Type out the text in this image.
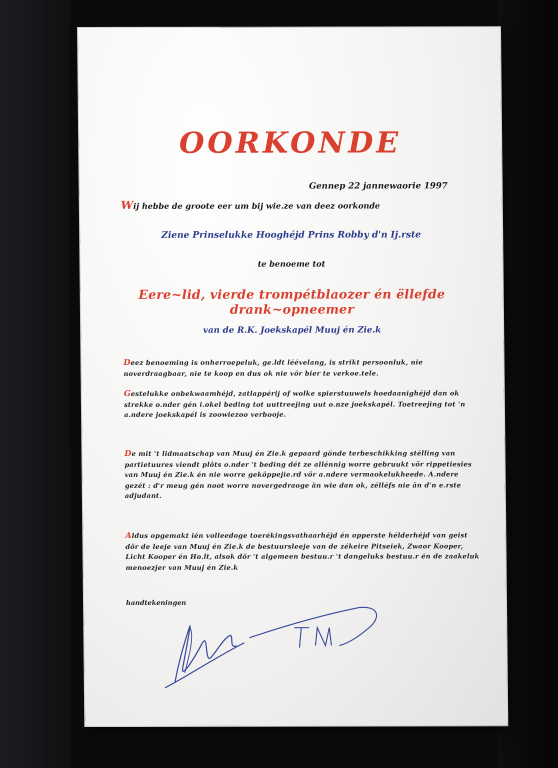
OORKONDE
Gennep 22 jannewaorie 1997
Wij hebbe de groote eer um bij wie.ze van deez oorkonde
Ziene Prinselukke Hooghéjd Prins Robby d'n Ij.rste
te benoeme tot
Eere~lid, vierde trompétblaozer én ëllefde drank~opneemer
van de R.K. Joekskapél Muuj én Zie.k
Deez benoeming is onherroepeluk, ge.ldt léévelang, is strikt persoonluk, nie noverdraagbaar, nie te koop en dus ok nie vör bier te verkoe.tele.
Gestelukke onbekwaamhéjd, zatlappérij of wolke spierstuuwels hoedaanighéjd dan ok strekke o.nder gén i.okel beding tot uuttreejing uut o.nze joekskapél. Toetreejing tot 'n a.ndere joekskapél is zoowiezoo verbooje.
De mit 't lidmaatschap van Muuj én Zie.k gepaard gönde terbeschikking stélling van partietuures viendt plôts o.nder 't beding dét ze allénnig worre gebruukt vör rippetiesies van Muuj én Zie.k én nie worre geköppejie.rd vör a.ndere vermaokelukheede. A.ndere gezét : d'r meug gén noot worre novergedraoge än wie dan ok, zélléfs nie än d'n e.rste adjudant.
Aldus opgemakt ién volleedoge toerékingsvathaarhéjd én opperste hélderhéjd van geist dör de leeje van Muuj én Zie.k de bestuursleeje van de zékeire Pitseiek, Zwaor Kooper, Licht Kooper én Ho.lt, alsok dör 't algemeen bestuu.r 't dangeluks bestuu.r én de zaakeluk menoezjer van Muuj én Zie.k
handtekeningen
